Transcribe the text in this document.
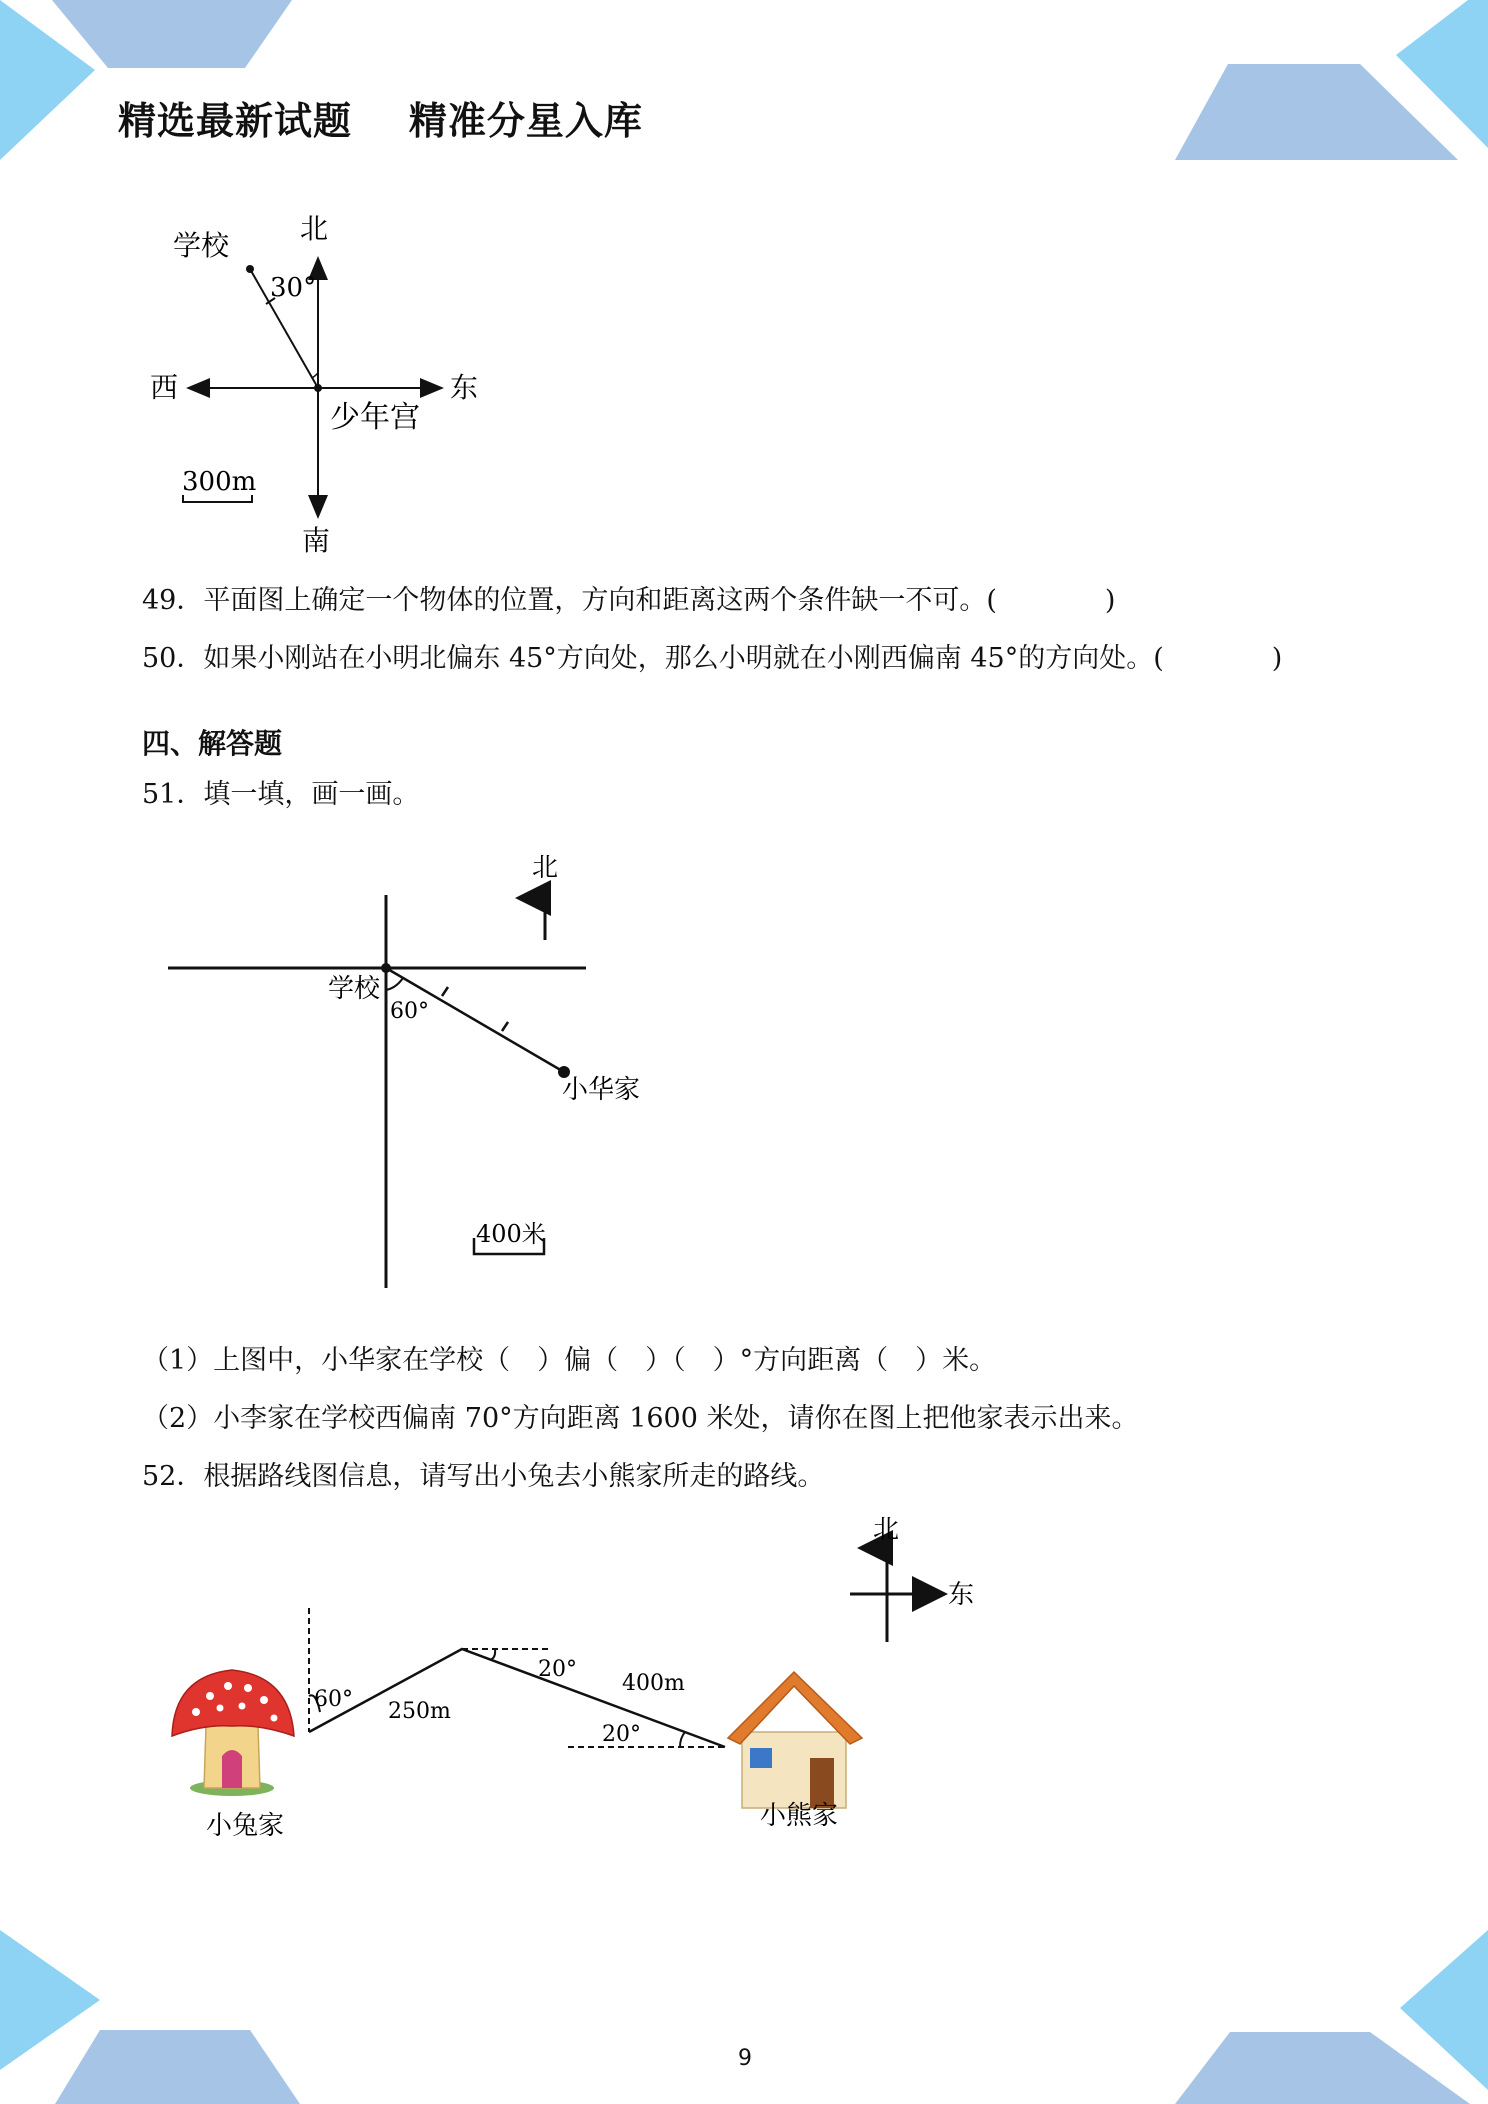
精选最新试题    精准分星入库
北
学校
30°
西	东
少年宫
300m
南
49．平面图上确定一个物体的位置，方向和距离这两个条件缺一不可。(　　　　)
50．如果小刚站在小明北偏东 45°方向处，那么小明就在小刚西偏南 45°的方向处。(　　　　)
四、解答题
51．填一填，画一画。
北
学校
60°
小华家
400米
（1）上图中，小华家在学校（　）偏（　）（　）°方向距离（　）米。
（2）小李家在学校西偏南 70°方向距离 1600 米处，请你在图上把他家表示出来。
52．根据路线图信息，请写出小兔去小熊家所走的路线。
北
东
60° 250m
20°
400m
20°
小兔家	小熊家
9
